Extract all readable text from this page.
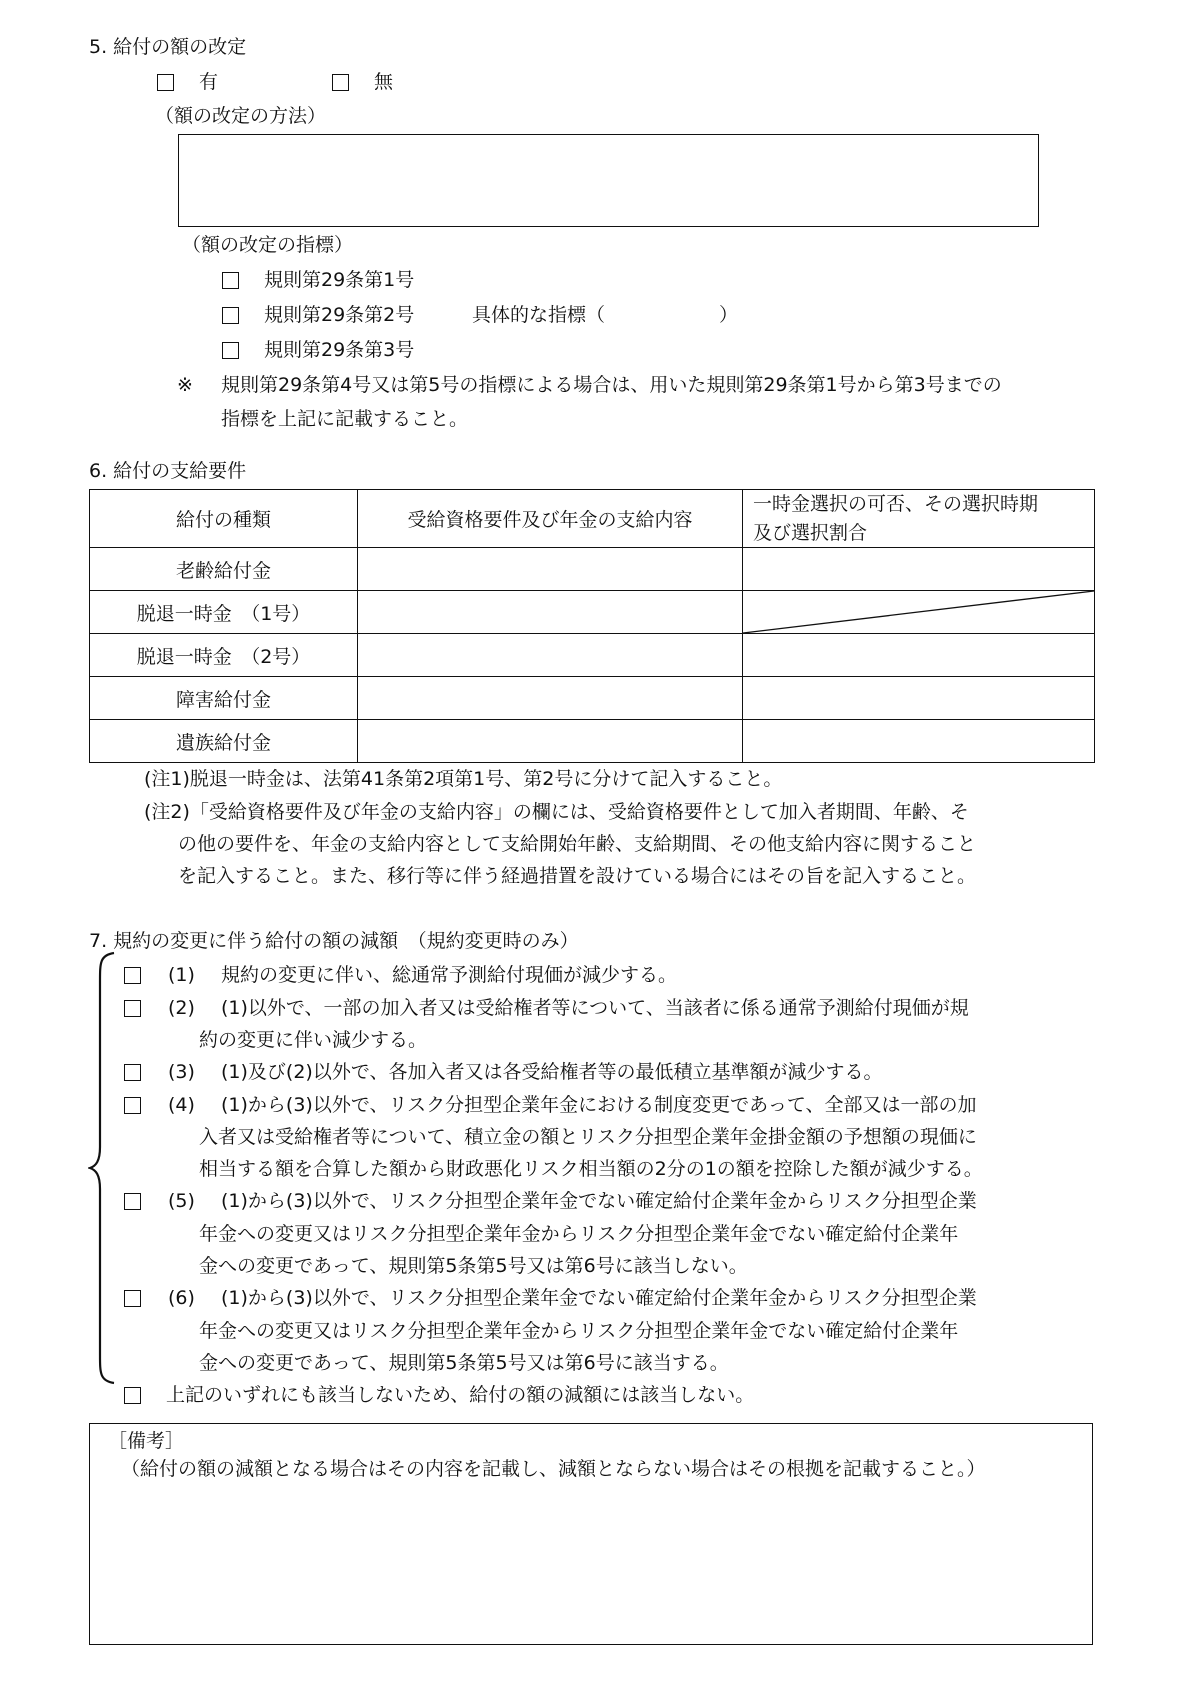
5. 給付の額の改定
有	無
（額の改定の方法）
（額の改定の指標）
規則第29条第1号
規則第29条第2号	具体的な指標（　　　　　　）
規則第29条第3号
※ 規則第29条第4号又は第5号の指標による場合は、用いた規則第29条第1号から第3号までの
指標を上記に記載すること。
6. 給付の支給要件
給付の種類	受給資格要件及び年金の支給内容	一時金選択の可否、その選択時期
及び選択割合

老齢給付金		
脱退一時金　（1号）		

脱退一時金　（2号）		
障害給付金		
遺族給付金		
(注1)脱退一時金は、法第41条第2項第1号、第2号に分けて記入すること。
(注2)「受給資格要件及び年金の支給内容」の欄には、受給資格要件として加入者期間、年齢、そ
の他の要件を、年金の支給内容として支給開始年齢、支給期間、その他支給内容に関すること
を記入すること。また、移行等に伴う経過措置を設けている場合にはその旨を記入すること。
7. 規約の変更に伴う給付の額の減額　（規約変更時のみ）
(1) 規約の変更に伴い、総通常予測給付現価が減少する。
(2) (1)以外で、一部の加入者又は受給権者等について、当該者に係る通常予測給付現価が規
約の変更に伴い減少する。
(3) (1)及び(2)以外で、各加入者又は各受給権者等の最低積立基準額が減少する。
(4) (1)から(3)以外で、リスク分担型企業年金における制度変更であって、全部又は一部の加
入者又は受給権者等について、積立金の額とリスク分担型企業年金掛金額の予想額の現価に
相当する額を合算した額から財政悪化リスク相当額の2分の1の額を控除した額が減少する。
(5) (1)から(3)以外で、リスク分担型企業年金でない確定給付企業年金からリスク分担型企業
年金への変更又はリスク分担型企業年金からリスク分担型企業年金でない確定給付企業年
金への変更であって、規則第5条第5号又は第6号に該当しない。
(6) (1)から(3)以外で、リスク分担型企業年金でない確定給付企業年金からリスク分担型企業
年金への変更又はリスク分担型企業年金からリスク分担型企業年金でない確定給付企業年
金への変更であって、規則第5条第5号又は第6号に該当する。
上記のいずれにも該当しないため、給付の額の減額には該当しない。
［備考］
（給付の額の減額となる場合はその内容を記載し、減額とならない場合はその根拠を記載すること。）
